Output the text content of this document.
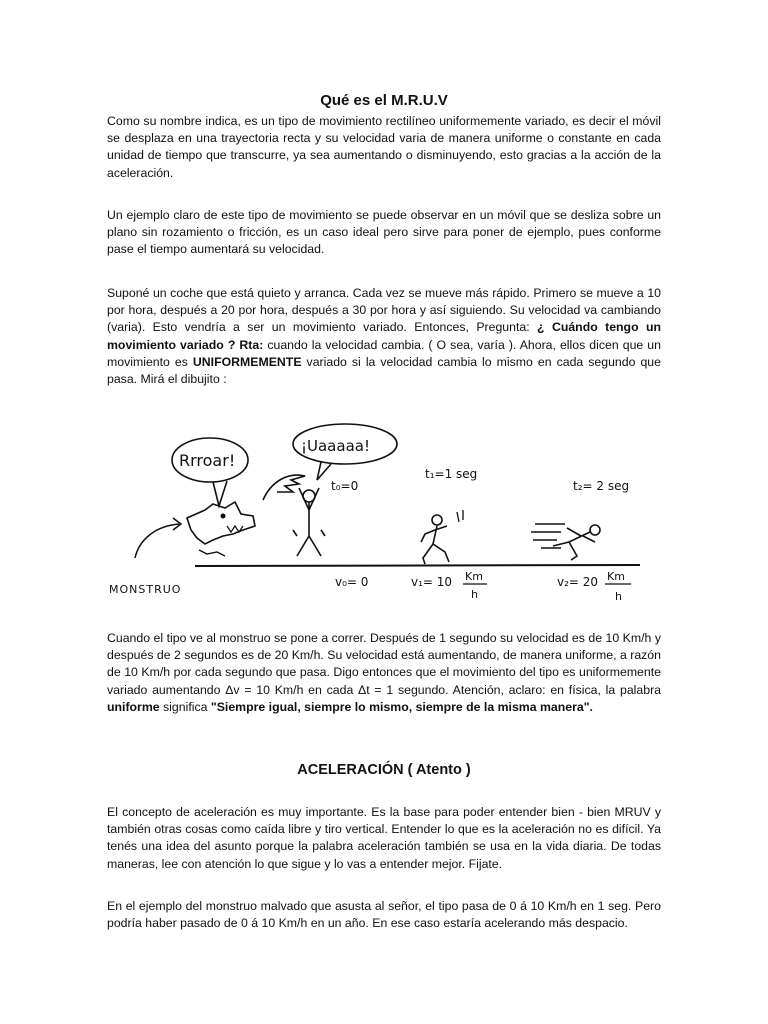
Qué es el M.R.U.V

Como su nombre indica, es un tipo de movimiento rectilíneo uniformemente variado, es decir el móvil se desplaza en una trayectoria recta y su velocidad varia de manera uniforme o constante en cada unidad de tiempo que transcurre, ya sea aumentando o disminuyendo, esto gracias a la acción de la aceleración.

Un ejemplo claro de este tipo de movimiento se puede observar en un móvil que se desliza sobre un plano sin rozamiento o fricción, es un caso ideal pero sirve para poner de ejemplo, pues conforme pase el tiempo aumentará su velocidad.

Suponé un coche que está quieto y arranca. Cada vez se mueve más rápido. Primero se mueve a 10 por hora, después a 20 por hora, después a 30 por hora y así siguiendo. Su velocidad va cambiando (varia). Esto vendría a ser un movimiento variado. Entonces, Pregunta: ¿ Cuándo tengo un movimiento variado ? Rta: cuando la velocidad cambia. ( O sea, varía ). Ahora, ellos dicen que un movimiento es UNIFORMEMENTE variado si la velocidad cambia lo mismo en cada segundo que pasa. Mirá el dibujito :

Rrroar!
MONSTRUO
¡Uaaaaa!
t₀=0
t₁=1 seg
t₂= 2 seg
v₀= 0	v₁= 10 Km
h
v₂= 20 Km
h

Cuando el tipo ve al monstruo se pone a correr. Después de 1 segundo su velocidad es de 10 Km/h y después de 2 segundos es de 20 Km/h. Su velocidad está aumentando, de manera uniforme, a razón de 10 Km/h por cada segundo que pasa. Digo entonces que el movimiento del tipo es uniformemente variado aumentando Δv = 10 Km/h en cada Δt = 1 segundo. Atención, aclaro: en física, la palabra uniforme significa "Siempre igual, siempre lo mismo, siempre de la misma manera".

ACELERACIÓN ( Atento )

El concepto de aceleración es muy importante. Es la base para poder entender bien - bien MRUV y también otras cosas como caída libre y tiro vertical. Entender lo que es la aceleración no es difícil. Ya tenés una idea del asunto porque la palabra aceleración también se usa en la vida diaria. De todas maneras, lee con atención lo que sigue y lo vas a entender mejor. Fijate.

En el ejemplo del monstruo malvado que asusta al señor, el tipo pasa de 0 á 10 Km/h en 1 seg. Pero podría haber pasado de 0 á 10 Km/h en un año. En ese caso estaría acelerando más despacio.
